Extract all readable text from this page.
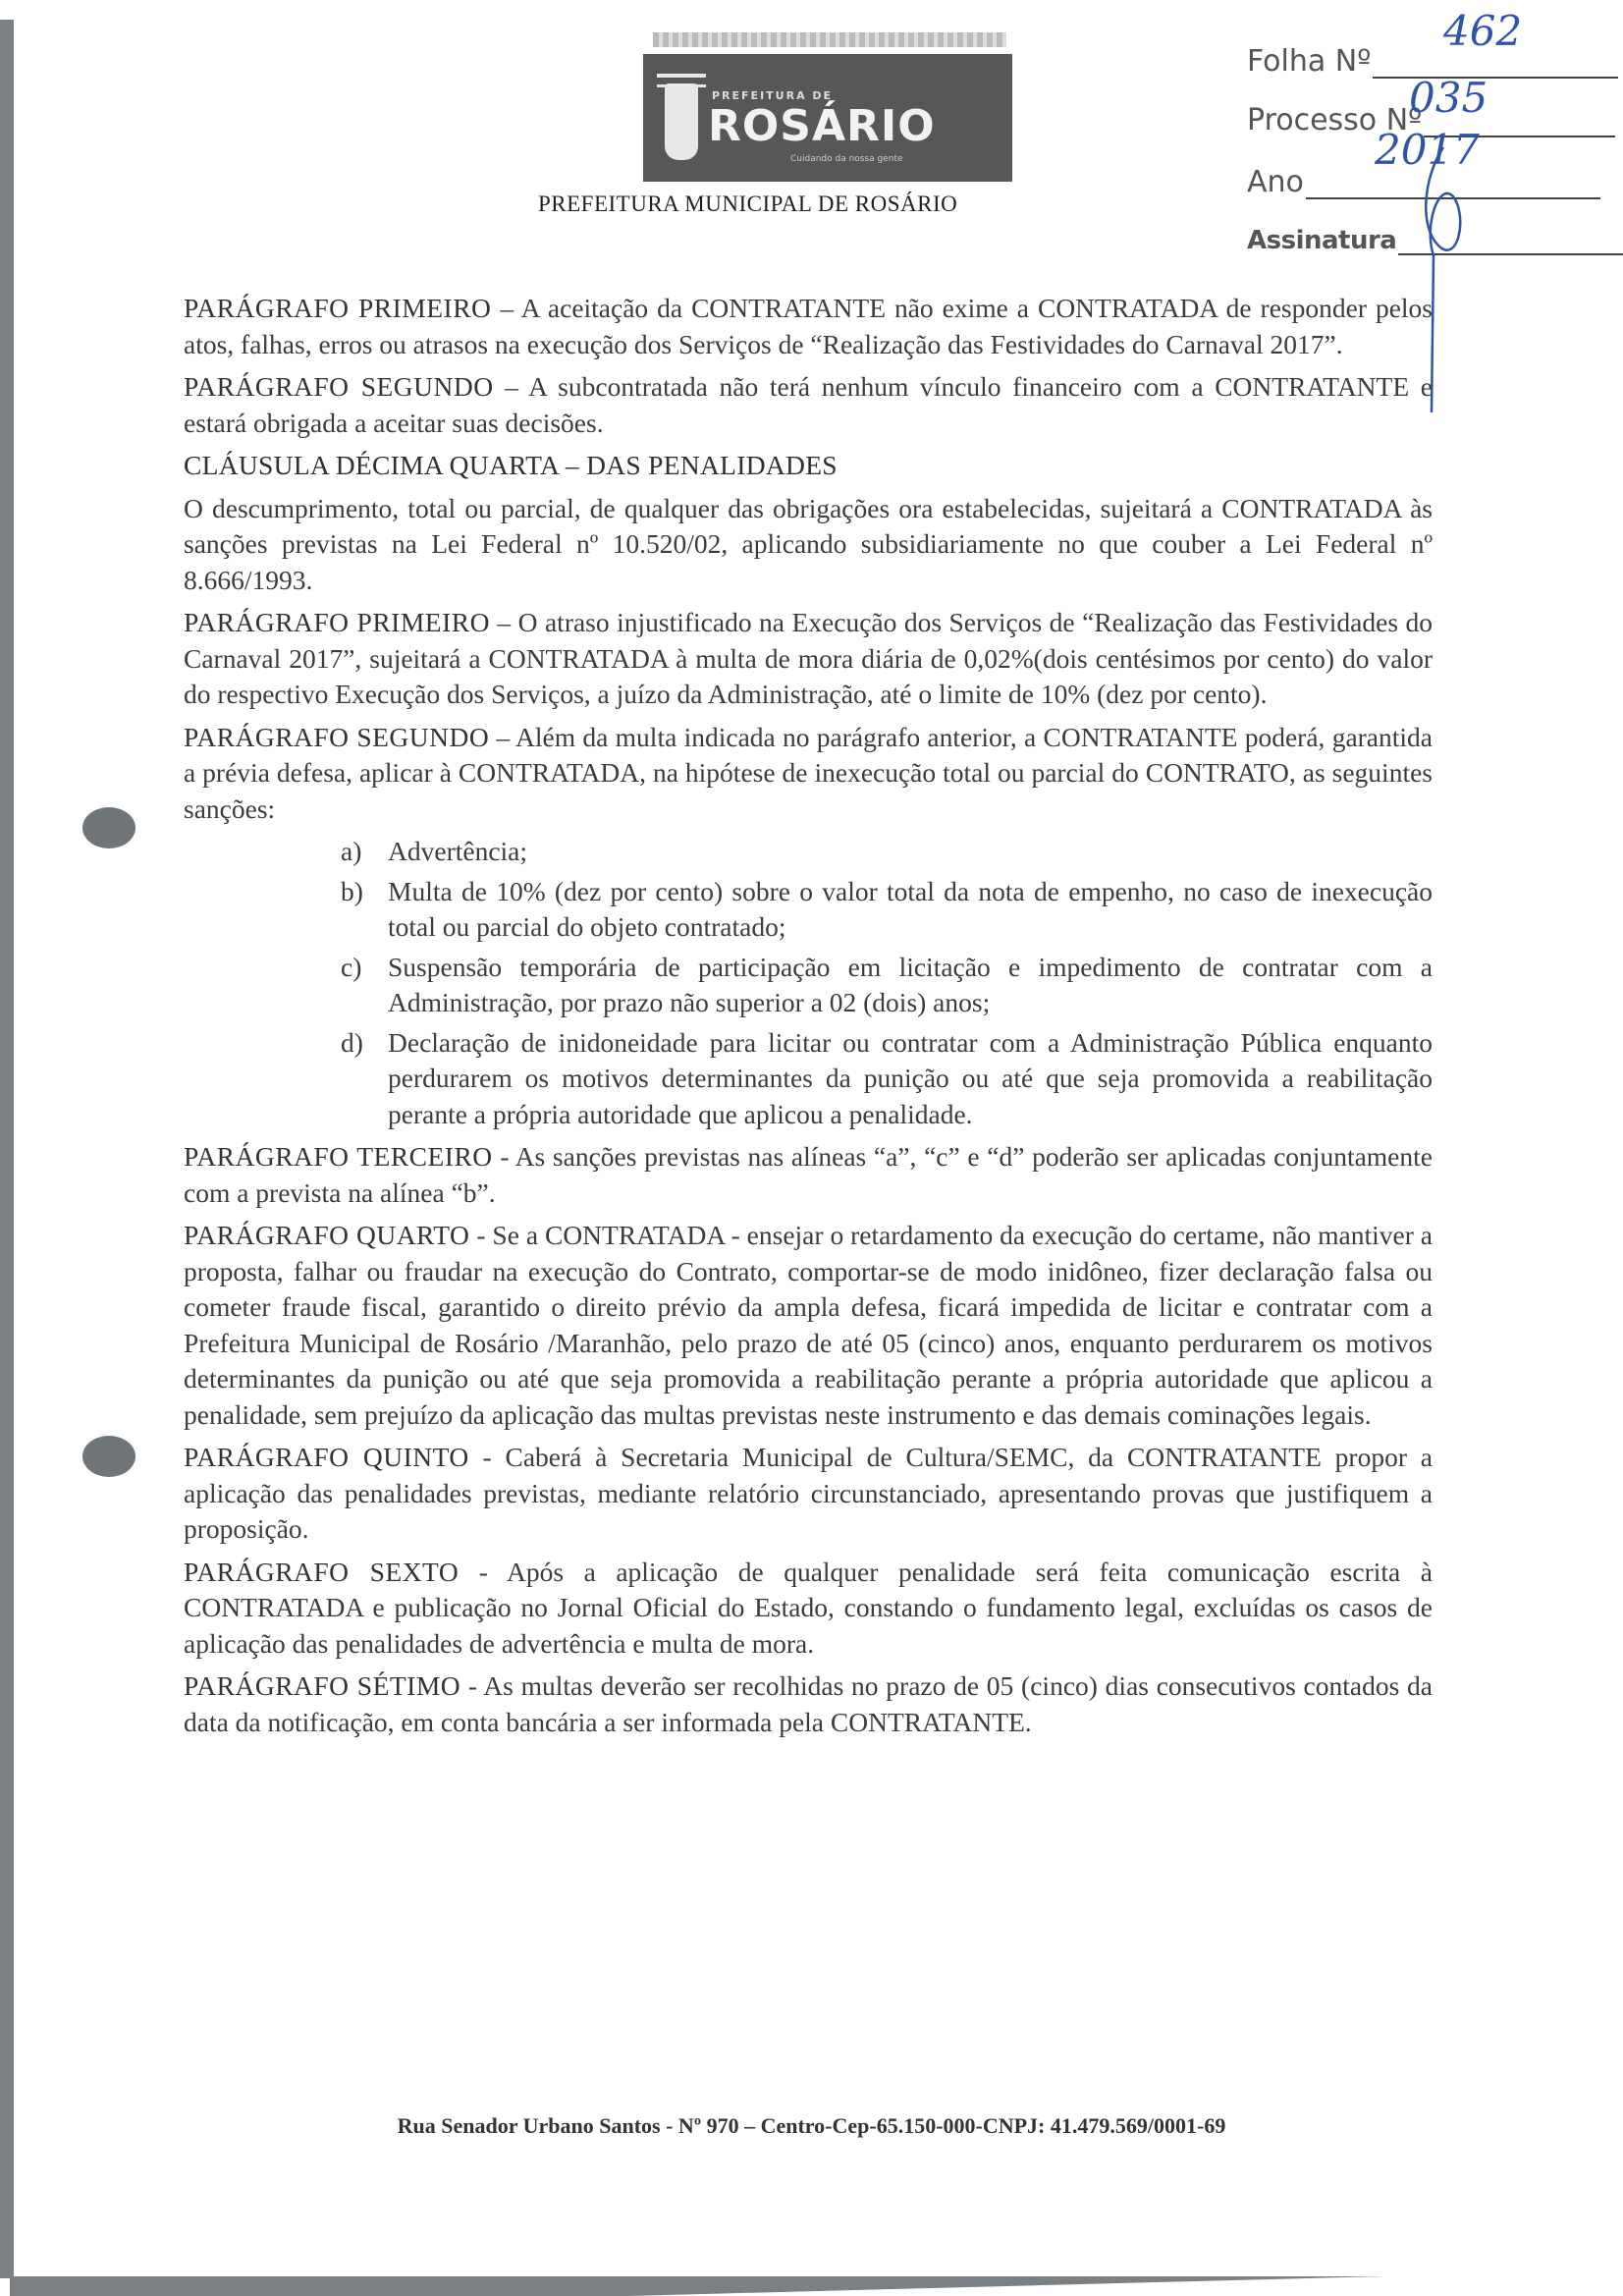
PREFEITURA DE
ROSÁRIO
Cuidando da nossa gente
PREFEITURA MUNICIPAL DE ROSÁRIO
Folha Nº
462
Processo Nº
035
Ano
2017
Assinatura

PARÁGRAFO PRIMEIRO – A aceitação da CONTRATANTE não exime a CONTRATADA de responder pelos atos, falhas, erros ou atrasos na execução dos Serviços de “Realização das Festividades do Carnaval 2017”.

PARÁGRAFO SEGUNDO – A subcontratada não terá nenhum vínculo financeiro com a CONTRATANTE e estará obrigada a aceitar suas decisões.

CLÁUSULA DÉCIMA QUARTA – DAS PENALIDADES

O descumprimento, total ou parcial, de qualquer das obrigações ora estabelecidas, sujeitará a CONTRATADA às sanções previstas na Lei Federal nº 10.520/02, aplicando subsidiariamente no que couber a Lei Federal nº 8.666/1993.

PARÁGRAFO PRIMEIRO – O atraso injustificado na Execução dos Serviços de “Realização das Festividades do Carnaval 2017”, sujeitará a CONTRATADA à multa de mora diária de 0,02%(dois centésimos por cento) do valor do respectivo Execução dos Serviços, a juízo da Administração, até o limite de 10% (dez por cento).

PARÁGRAFO SEGUNDO – Além da multa indicada no parágrafo anterior, a CONTRATANTE poderá, garantida a prévia defesa, aplicar à CONTRATADA, na hipótese de inexecução total ou parcial do CONTRATO, as seguintes sanções:

a) Advertência;
b) Multa de 10% (dez por cento) sobre o valor total da nota de empenho, no caso de inexecução total ou parcial do objeto contratado;
c) Suspensão temporária de participação em licitação e impedimento de contratar com a Administração, por prazo não superior a 02 (dois) anos;
d) Declaração de inidoneidade para licitar ou contratar com a Administração Pública enquanto perdurarem os motivos determinantes da punição ou até que seja promovida a reabilitação perante a própria autoridade que aplicou a penalidade.

PARÁGRAFO TERCEIRO - As sanções previstas nas alíneas “a”, “c” e “d” poderão ser aplicadas conjuntamente com a prevista na alínea “b”.

PARÁGRAFO QUARTO - Se a CONTRATADA - ensejar o retardamento da execução do certame, não mantiver a proposta, falhar ou fraudar na execução do Contrato, comportar-se de modo inidôneo, fizer declaração falsa ou cometer fraude fiscal, garantido o direito prévio da ampla defesa, ficará impedida de licitar e contratar com a Prefeitura Municipal de Rosário /Maranhão, pelo prazo de até 05 (cinco) anos, enquanto perdurarem os motivos determinantes da punição ou até que seja promovida a reabilitação perante a própria autoridade que aplicou a penalidade, sem prejuízo da aplicação das multas previstas neste instrumento e das demais cominações legais.

PARÁGRAFO QUINTO - Caberá à Secretaria Municipal de Cultura/SEMC, da CONTRATANTE propor a aplicação das penalidades previstas, mediante relatório circunstanciado, apresentando provas que justifiquem a proposição.

PARÁGRAFO SEXTO - Após a aplicação de qualquer penalidade será feita comunicação escrita à CONTRATADA e publicação no Jornal Oficial do Estado, constando o fundamento legal, excluídas os casos de aplicação das penalidades de advertência e multa de mora.

PARÁGRAFO SÉTIMO - As multas deverão ser recolhidas no prazo de 05 (cinco) dias consecutivos contados da data da notificação, em conta bancária a ser informada pela CONTRATANTE.

Rua Senador Urbano Santos - Nº 970 – Centro-Cep-65.150-000-CNPJ: 41.479.569/0001-69
